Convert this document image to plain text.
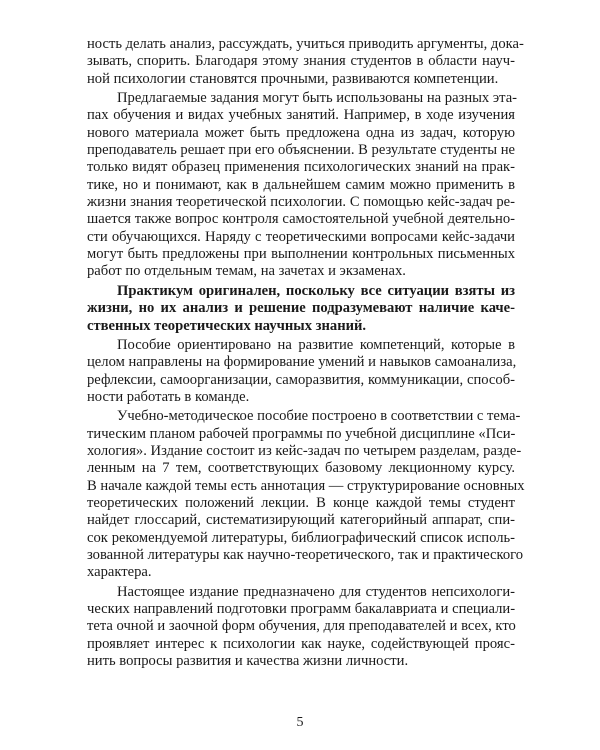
ность делать анализ, рассуждать, учиться приводить аргументы, дока-
зывать, спорить. Благодаря этому знания студентов в области науч-
ной психологии становятся прочными, развиваются компетенции.
Предлагаемые задания могут быть использованы на разных эта-
пах обучения и видах учебных занятий. Например, в ходе изучения
нового материала может быть предложена одна из задач, которую
преподаватель решает при его объяснении. В результате студенты не
только видят образец применения психологических знаний на прак-
тике, но и понимают, как в дальнейшем самим можно применить в
жизни знания теоретической психологии. С помощью кейс-задач ре-
шается также вопрос контроля самостоятельной учебной деятельно-
сти обучающихся. Наряду с теоретическими вопросами кейс-задачи
могут быть предложены при выполнении контрольных письменных
работ по отдельным темам, на зачетах и экзаменах.
Практикум оригинален, поскольку все ситуации взяты из
жизни, но их анализ и решение подразумевают наличие каче-
ственных теоретических научных знаний.
Пособие ориентировано на развитие компетенций, которые в
целом направлены на формирование умений и навыков самоанализа,
рефлексии, самоорганизации, саморазвития, коммуникации, способ-
ности работать в команде.
Учебно-методическое пособие построено в соответствии с тема-
тическим планом рабочей программы по учебной дисциплине «Пси-
хология». Издание состоит из кейс-задач по четырем разделам, разде-
ленным на 7 тем, соответствующих базовому лекционному курсу.
В начале каждой темы есть аннотация — структурирование основных
теоретических положений лекции. В конце каждой темы студент
найдет глоссарий, систематизирующий категорийный аппарат, спи-
сок рекомендуемой литературы, библиографический список исполь-
зованной литературы как научно-теоретического, так и практического
характера.
Настоящее издание предназначено для студентов непсихологи-
ческих направлений подготовки программ бакалавриата и специали-
тета очной и заочной форм обучения, для преподавателей и всех, кто
проявляет интерес к психологии как науке, содействующей прояс-
нить вопросы развития и качества жизни личности.
5
